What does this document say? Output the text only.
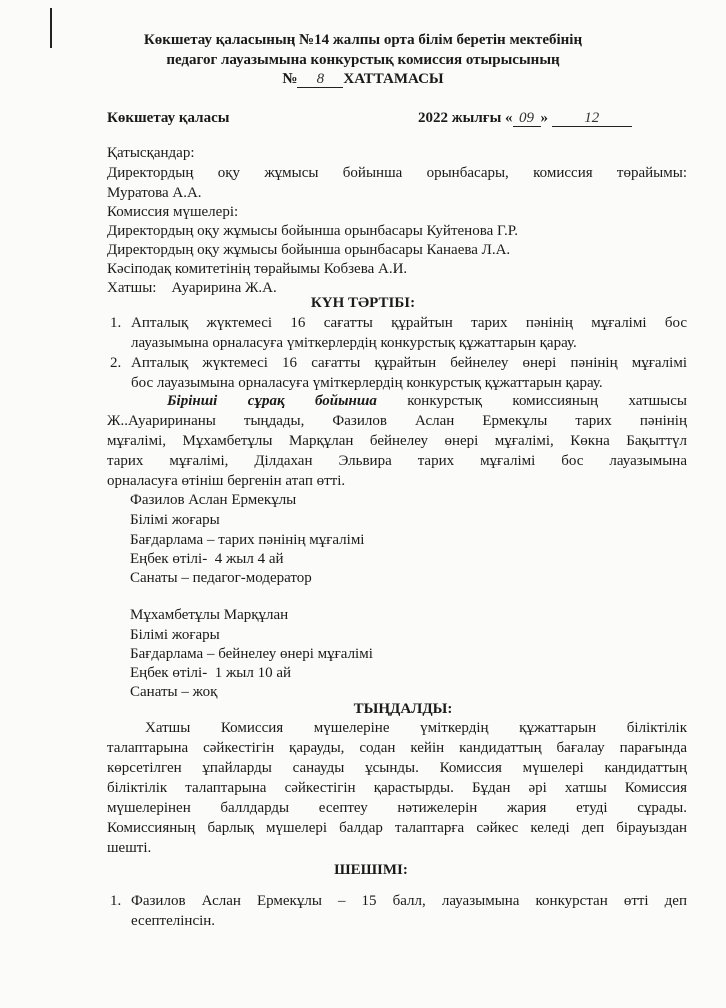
Көкшетау қаласының №14 жалпы орта білім беретін мектебінің
педагог лауазымына конкурстық комиссия отырысының
№ 8 ХАТТАМАСЫ
Көкшетау қаласы	2022 жылғы « 09 » 12
Қатысқандар:
Директордың оқу жұмысы бойынша орынбасары, комиссия төрайымы:
Муратова А.А.
Комиссия мүшелері:
Директордың оқу жұмысы бойынша орынбасары Куйтенова Г.Р.
Директордың оқу жұмысы бойынша орынбасары Канаева Л.А.
Кәсіподақ комитетінің төрайымы Кобзева А.И.
Хатшы:    Ауаририна Ж.А.
КҮН ТӘРТІБІ:
1. Апталық жүктемесі 16 сағатты құрайтын тарих пәнінің мұғалімі бос
лауазымына орналасуға үміткерлердің конкурстық құжаттарын қарау.
2. Апталық жүктемесі 16 сағатты құрайтын бейнелеу өнері пәнінің мұғалімі
бос лауазымына орналасуға үміткерлердің конкурстық құжаттарын қарау.
Бірінші сұрақ бойынша конкурстық комиссияның хатшысы
Ж..Ауариринаны тыңдады, Фазилов Аслан Ермекұлы тарих пәнінің
мұғалімі, Мұхамбетұлы Марқұлан бейнелеу өнері мұғалімі, Көкна Бақыттүл
тарих мұғалімі, Ділдахан Эльвира тарих мұғалімі бос лауазымына
орналасуға өтініш бергенін атап өтті.
Фазилов Аслан Ермекұлы
Білімі жоғары
Бағдарлама – тарих пәнінің мұғалімі
Еңбек өтілі-  4 жыл 4 ай
Санаты – педагог-модератор
Мұхамбетұлы Марқұлан
Білімі жоғары
Бағдарлама – бейнелеу өнері мұғалімі
Еңбек өтілі-  1 жыл 10 ай
Санаты – жоқ
ТЫҢДАЛДЫ:
Хатшы Комиссия мүшелеріне үміткердің құжаттарын біліктілік
талаптарына сәйкестігін қарауды, содан кейін кандидаттың бағалау парағында
көрсетілген ұпайларды санауды ұсынды. Комиссия мүшелері кандидаттың
біліктілік талаптарына сәйкестігін қарастырды. Бұдан әрі хатшы Комиссия
мүшелерінен баллдарды есептеу нәтижелерін жария етуді сұрады.
Комиссияның барлық мүшелері балдар талаптарға сәйкес келеді деп бірауыздан
шешті.
ШЕШІМІ:
1. Фазилов Аслан Ермекұлы – 15 балл, лауазымына конкурстан өтті деп
есептелінсін.
